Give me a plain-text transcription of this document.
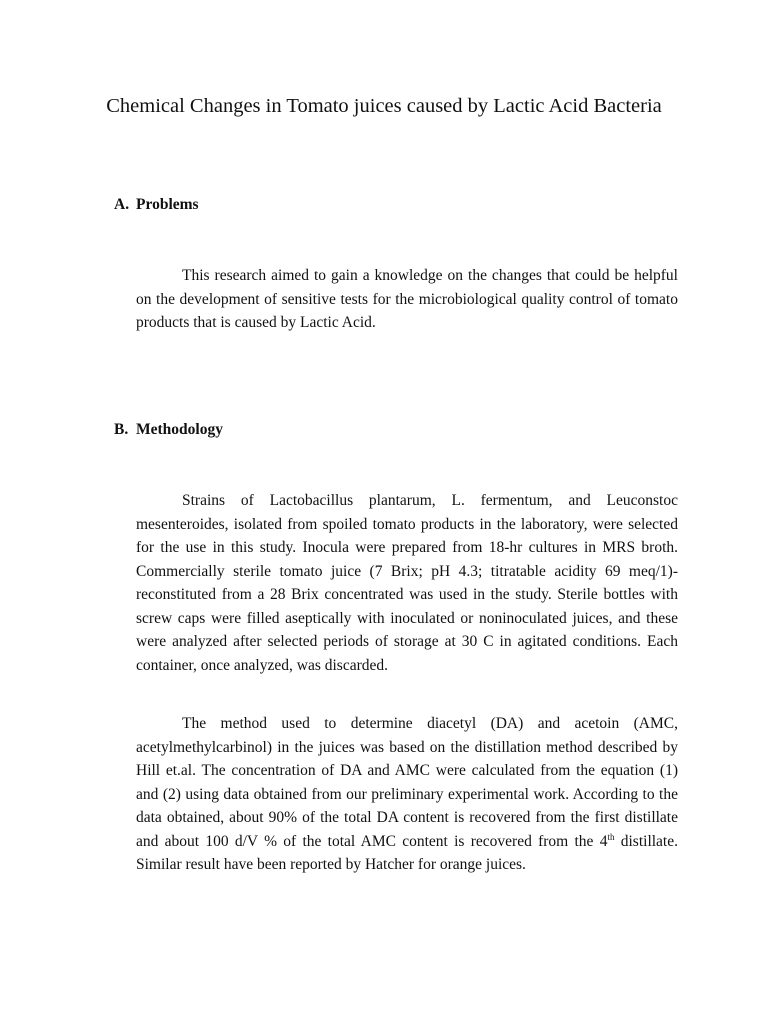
Chemical Changes in Tomato juices caused by Lactic Acid Bacteria
A. Problems

This research aimed to gain a knowledge on the changes that could be helpful on the development of sensitive tests for the microbiological quality control of tomato products that is caused by Lactic Acid.

B. Methodology

Strains of Lactobacillus plantarum, L. fermentum, and Leuconstoc mesenteroides, isolated from spoiled tomato products in the laboratory, were selected for the use in this study. Inocula were prepared from 18-hr cultures in MRS broth. Commercially sterile tomato juice (7 Brix; pH 4.3; titratable acidity 69 meq/1)-reconstituted from a 28 Brix concentrated was used in the study. Sterile bottles with screw caps were filled aseptically with inoculated or noninoculated juices, and these were analyzed after selected periods of storage at 30 C in agitated conditions. Each container, once analyzed, was discarded.

The method used to determine diacetyl (DA) and acetoin (AMC, acetylmethylcarbinol) in the juices was based on the distillation method described by Hill et.al. The concentration of DA and AMC were calculated from the equation (1) and (2) using data obtained from our preliminary experimental work. According to the data obtained, about 90% of the total DA content is recovered from the first distillate and about 100 d/V % of the total AMC content is recovered from the 4th distillate. Similar result have been reported by Hatcher for orange juices.
